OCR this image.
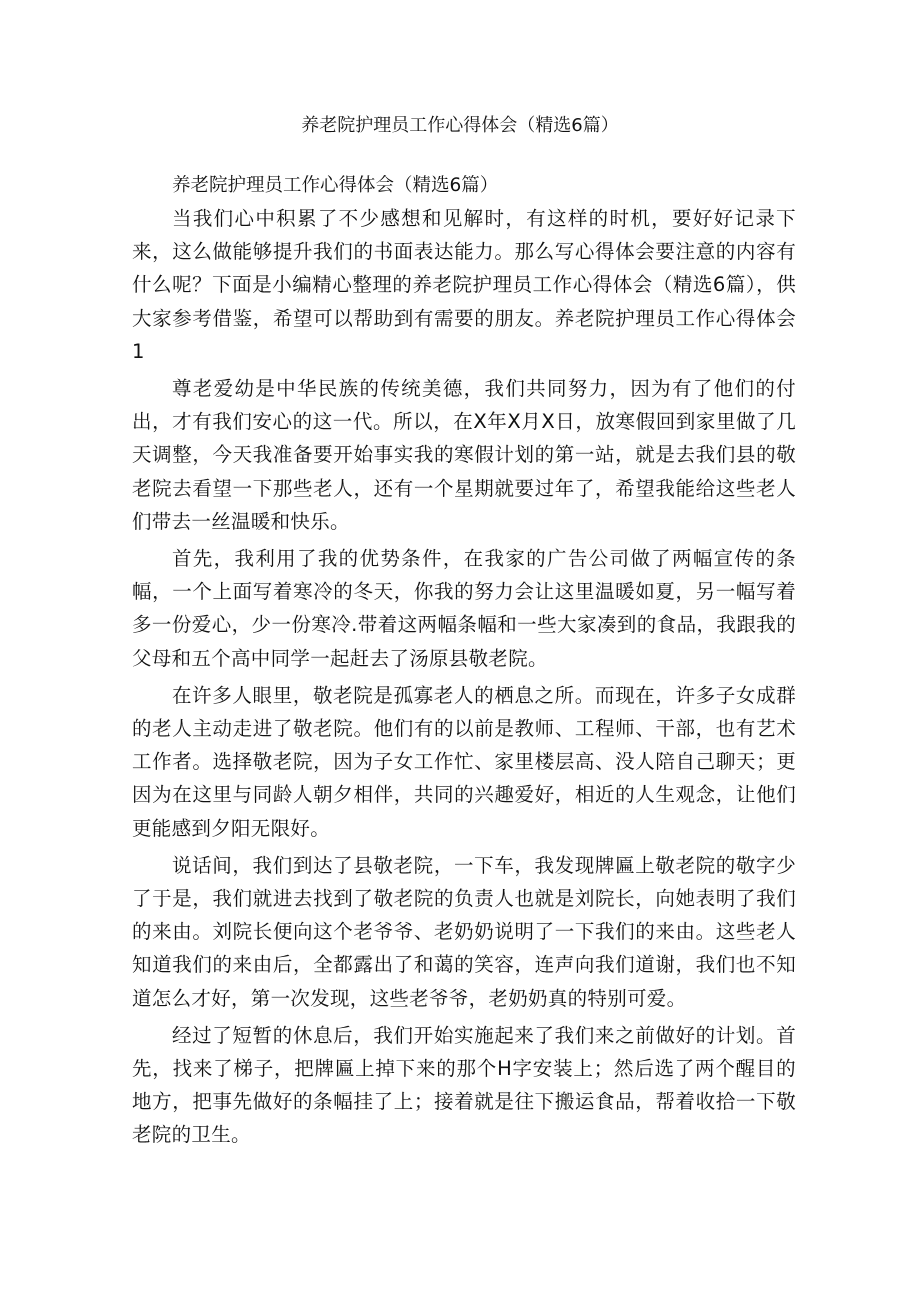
养老院护理员工作心得体会（精选6篇）

养老院护理员工作心得体会（精选6篇）

当我们心中积累了不少感想和见解时，有这样的时机，要好好记录下来，这么做能够提升我们的书面表达能力。那么写心得体会要注意的内容有什么呢？下面是小编精心整理的养老院护理员工作心得体会（精选6篇），供大家参考借鉴，希望可以帮助到有需要的朋友。养老院护理员工作心得体会1

尊老爱幼是中华民族的传统美德，我们共同努力，因为有了他们的付出，才有我们安心的这一代。所以，在X年X月X日，放寒假回到家里做了几天调整，今天我准备要开始事实我的寒假计划的第一站，就是去我们县的敬老院去看望一下那些老人，还有一个星期就要过年了，希望我能给这些老人们带去一丝温暖和快乐。

首先，我利用了我的优势条件，在我家的广告公司做了两幅宣传的条幅，一个上面写着寒冷的冬天，你我的努力会让这里温暖如夏，另一幅写着多一份爱心，少一份寒冷.带着这两幅条幅和一些大家凑到的食品，我跟我的父母和五个高中同学一起赶去了汤原县敬老院。

在许多人眼里，敬老院是孤寡老人的栖息之所。而现在，许多子女成群的老人主动走进了敬老院。他们有的以前是教师、工程师、干部，也有艺术工作者。选择敬老院，因为子女工作忙、家里楼层高、没人陪自己聊天；更因为在这里与同龄人朝夕相伴，共同的兴趣爱好，相近的人生观念，让他们更能感到夕阳无限好。

说话间，我们到达了县敬老院，一下车，我发现牌匾上敬老院的敬字少了于是，我们就进去找到了敬老院的负责人也就是刘院长，向她表明了我们的来由。刘院长便向这个老爷爷、老奶奶说明了一下我们的来由。这些老人知道我们的来由后，全都露出了和蔼的笑容，连声向我们道谢，我们也不知道怎么才好，第一次发现，这些老爷爷，老奶奶真的特别可爱。

经过了短暂的休息后，我们开始实施起来了我们来之前做好的计划。首先，找来了梯子，把牌匾上掉下来的那个H字安装上；然后选了两个醒目的地方，把事先做好的条幅挂了上；接着就是往下搬运食品，帮着收拾一下敬老院的卫生。
